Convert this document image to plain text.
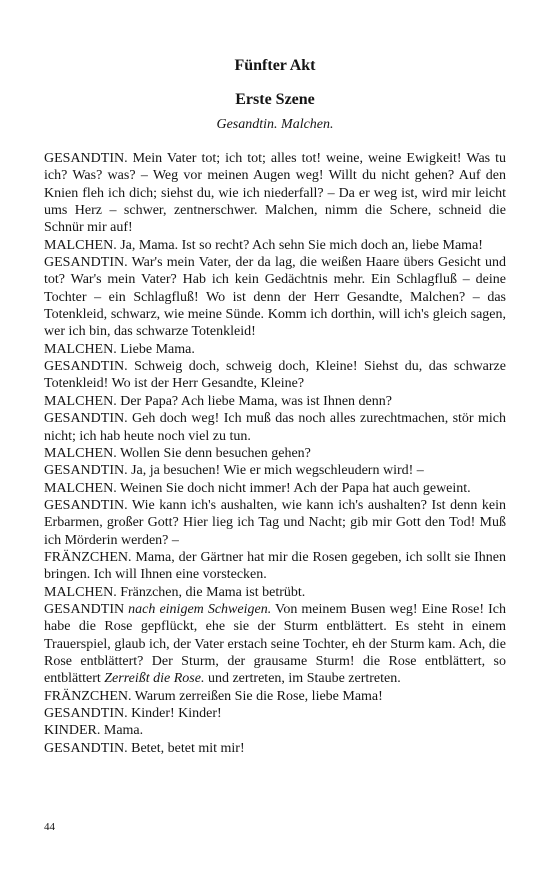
Fünfter Akt
Erste Szene
Gesandtin. Malchen.

GESANDTIN. Mein Vater tot; ich tot; alles tot! weine, weine Ewigkeit! Was tu ich? Was? was? – Weg vor meinen Augen weg! Willt du nicht gehen? Auf den Knien fleh ich dich; siehst du, wie ich niederfall? – Da er weg ist, wird mir leicht ums Herz – schwer, zentnerschwer. Malchen, nimm die Schere, schneid die Schnür mir auf!

MALCHEN. Ja, Mama. Ist so recht? Ach sehn Sie mich doch an, liebe Mama!

GESANDTIN. War's mein Vater, der da lag, die weißen Haare übers Gesicht und tot? War's mein Vater? Hab ich kein Gedächtnis mehr. Ein Schlagfluß – deine Tochter – ein Schlagfluß! Wo ist denn der Herr Gesandte, Malchen? – das Totenkleid, schwarz, wie meine Sünde. Komm ich dorthin, will ich's gleich sagen, wer ich bin, das schwarze Totenkleid!

MALCHEN. Liebe Mama.

GESANDTIN. Schweig doch, schweig doch, Kleine! Siehst du, das schwarze Totenkleid! Wo ist der Herr Gesandte, Kleine?

MALCHEN. Der Papa? Ach liebe Mama, was ist Ihnen denn?

GESANDTIN. Geh doch weg! Ich muß das noch alles zurechtmachen, stör mich nicht; ich hab heute noch viel zu tun.

MALCHEN. Wollen Sie denn besuchen gehen?

GESANDTIN. Ja, ja besuchen! Wie er mich wegschleudern wird! –

MALCHEN. Weinen Sie doch nicht immer! Ach der Papa hat auch geweint.

GESANDTIN. Wie kann ich's aushalten, wie kann ich's aushalten? Ist denn kein Erbarmen, großer Gott? Hier lieg ich Tag und Nacht; gib mir Gott den Tod! Muß ich Mörderin werden? –

FRÄNZCHEN. Mama, der Gärtner hat mir die Rosen gegeben, ich sollt sie Ihnen bringen. Ich will Ihnen eine vorstecken.

MALCHEN. Fränzchen, die Mama ist betrübt.

GESANDTIN nach einigem Schweigen. Von meinem Busen weg! Eine Rose! Ich habe die Rose gepflückt, ehe sie der Sturm entblättert. Es steht in einem Trauerspiel, glaub ich, der Vater erstach seine Tochter, eh der Sturm kam. Ach, die Rose entblättert? Der Sturm, der grausame Sturm! die Rose entblättert, so entblättert Zerreißt die Rose. und zertreten, im Staube zertreten.

FRÄNZCHEN. Warum zerreißen Sie die Rose, liebe Mama!

GESANDTIN. Kinder! Kinder!

KINDER. Mama.

GESANDTIN. Betet, betet mit mir!

44
